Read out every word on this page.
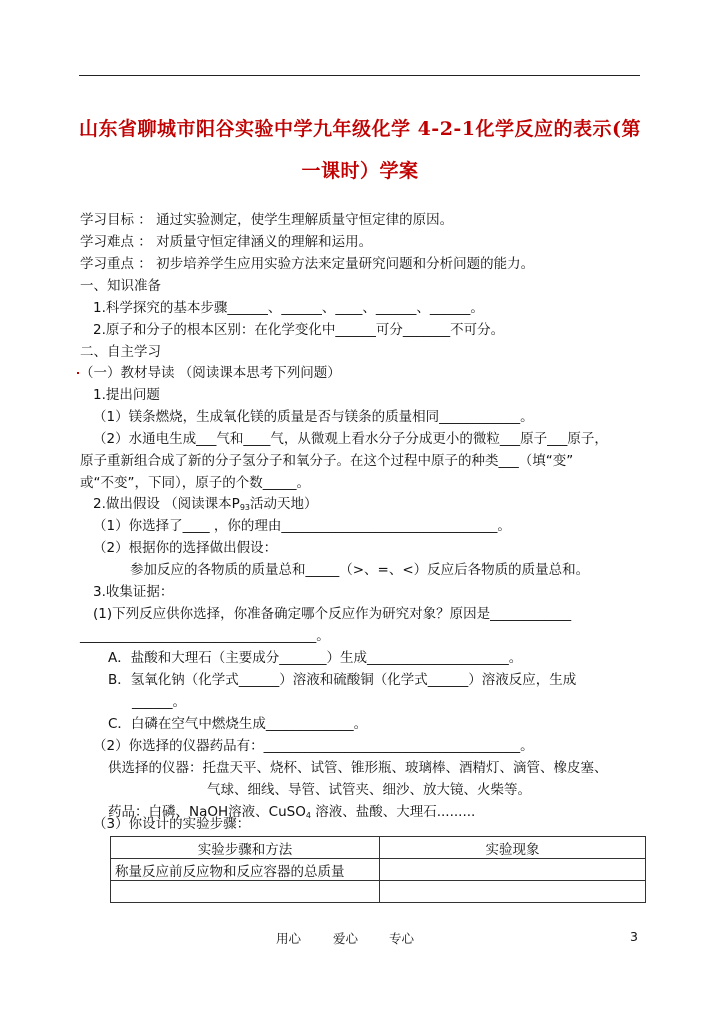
山东省聊城市阳谷实验中学九年级化学 4-2-1化学反应的表示(第
一课时）学案
学习目标 ： 通过实验测定，使学生理解质量守恒定律的原因。
学习难点 ： 对质量守恒定律涵义的理解和运用。
学习重点 ： 初步培养学生应用实验方法来定量研究问题和分析问题的能力。
一、知识准备
1.科学探究的基本步骤______、______、____、______、______。
2.原子和分子的根本区别：在化学变化中______可分_______不可分。
二、自主学习
（一）教材导读 （阅读课本思考下列问题）
1.提出问题
（1）镁条燃烧，生成氧化镁的质量是否与镁条的质量相同____________。
（2）水通电生成___气和____气，从微观上看水分子分成更小的微粒___原子___原子，
原子重新组合成了新的分子氢分子和氧分子。在这个过程中原子的种类___（填“变”
或“不变”，下同），原子的个数_____。
2.做出假设 （阅读课本$P_{93}$活动天地）
（1）你选择了____ ，你的理由________________________________。
（2）根据你的选择做出假设：
参加反应的各物质的质量总和_____（>、=、<）反应后各物质的质量总和。
3.收集证据：
(1)下列反应供你选择，你准备确定哪个反应作为研究对象？原因是____________
___________________________________。
A．盐酸和大理石（主要成分_______）生成_____________________。
B．氢氧化钠（化学式______）溶液和硫酸铜（化学式______）溶液反应，生成
______。
C．白磷在空气中燃烧生成_____________。
（2）你选择的仪器药品有：______________________________________。
供选择的仪器：托盘天平、烧杯、试管、锥形瓶、玻璃棒、酒精灯、滴管、橡皮塞、
气球、细线、导管、试管夹、细沙、放大镜、火柴等。
药品：白磷、NaOH溶液、CuSO$_4$ 溶液、盐酸、大理石.........
（3）你设计的实验步骤：
实验步骤和方法	实验现象
称量反应前反应物和反应容器的总质量	

用心	爱心 专心	3
